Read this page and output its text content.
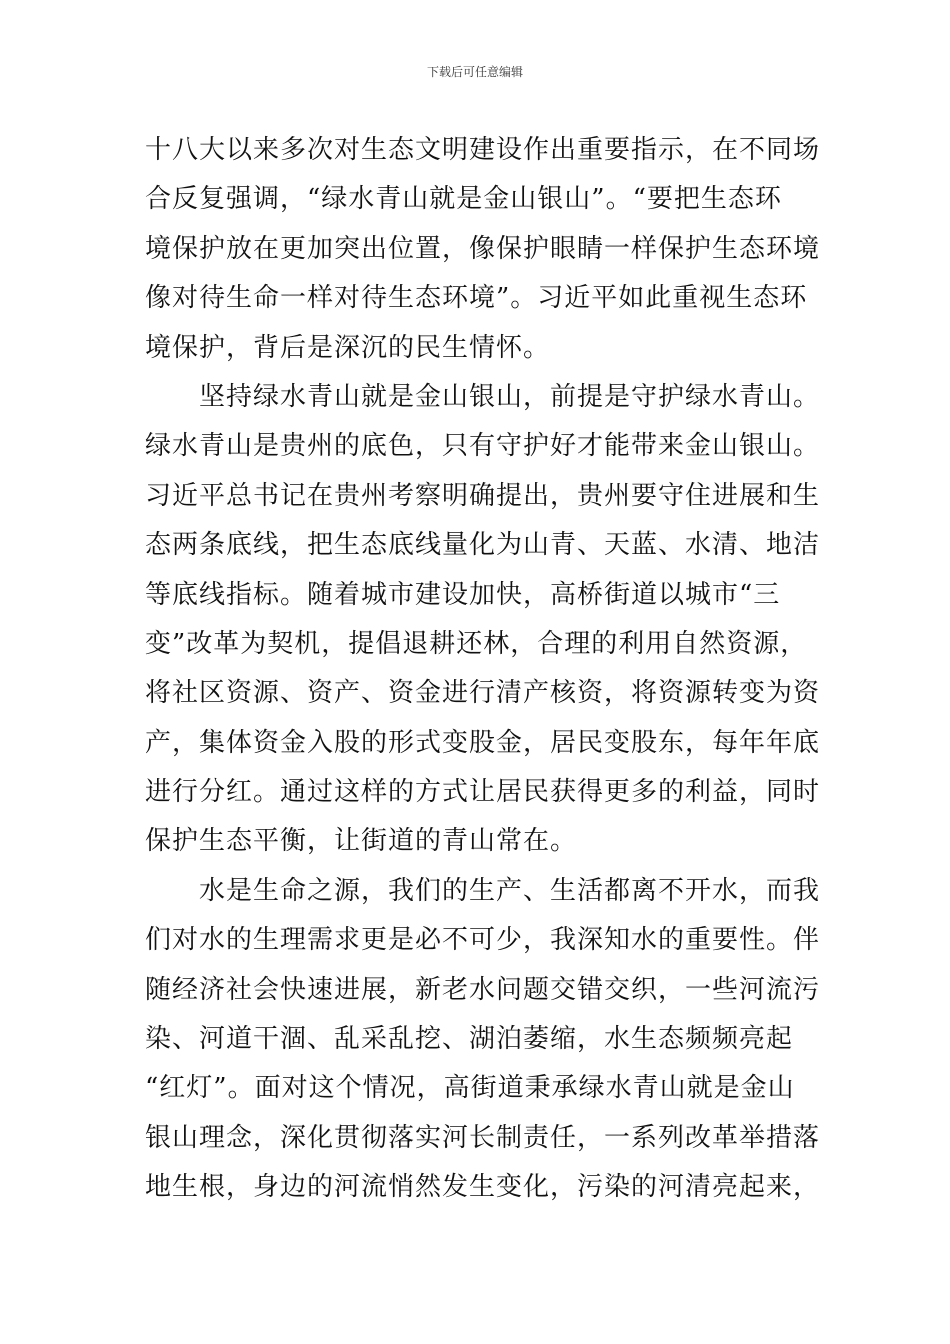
下载后可任意编辑
十八大以来多次对生态文明建设作出重要指示，在不同场
合反复强调，“绿水青山就是金山银山”。“要把生态环
境保护放在更加突出位置，像保护眼睛一样保护生态环境
像对待生命一样对待生态环境”。习近平如此重视生态环
境保护，背后是深沉的民生情怀。
　　坚持绿水青山就是金山银山，前提是守护绿水青山。
绿水青山是贵州的底色，只有守护好才能带来金山银山。
习近平总书记在贵州考察明确提出，贵州要守住进展和生
态两条底线，把生态底线量化为山青、天蓝、水清、地洁
等底线指标。随着城市建设加快，高桥街道以城市“三
变”改革为契机，提倡退耕还林，合理的利用自然资源，
将社区资源、资产、资金进行清产核资，将资源转变为资
产，集体资金入股的形式变股金，居民变股东，每年年底
进行分红。通过这样的方式让居民获得更多的利益，同时
保护生态平衡，让街道的青山常在。
　　水是生命之源，我们的生产、生活都离不开水，而我
们对水的生理需求更是必不可少，我深知水的重要性。伴
随经济社会快速进展，新老水问题交错交织，一些河流污
染、河道干涸、乱采乱挖、湖泊萎缩，水生态频频亮起
“红灯”。面对这个情况，高街道秉承绿水青山就是金山
银山理念，深化贯彻落实河长制责任，一系列改革举措落
地生根，身边的河流悄然发生变化，污染的河清亮起来，
